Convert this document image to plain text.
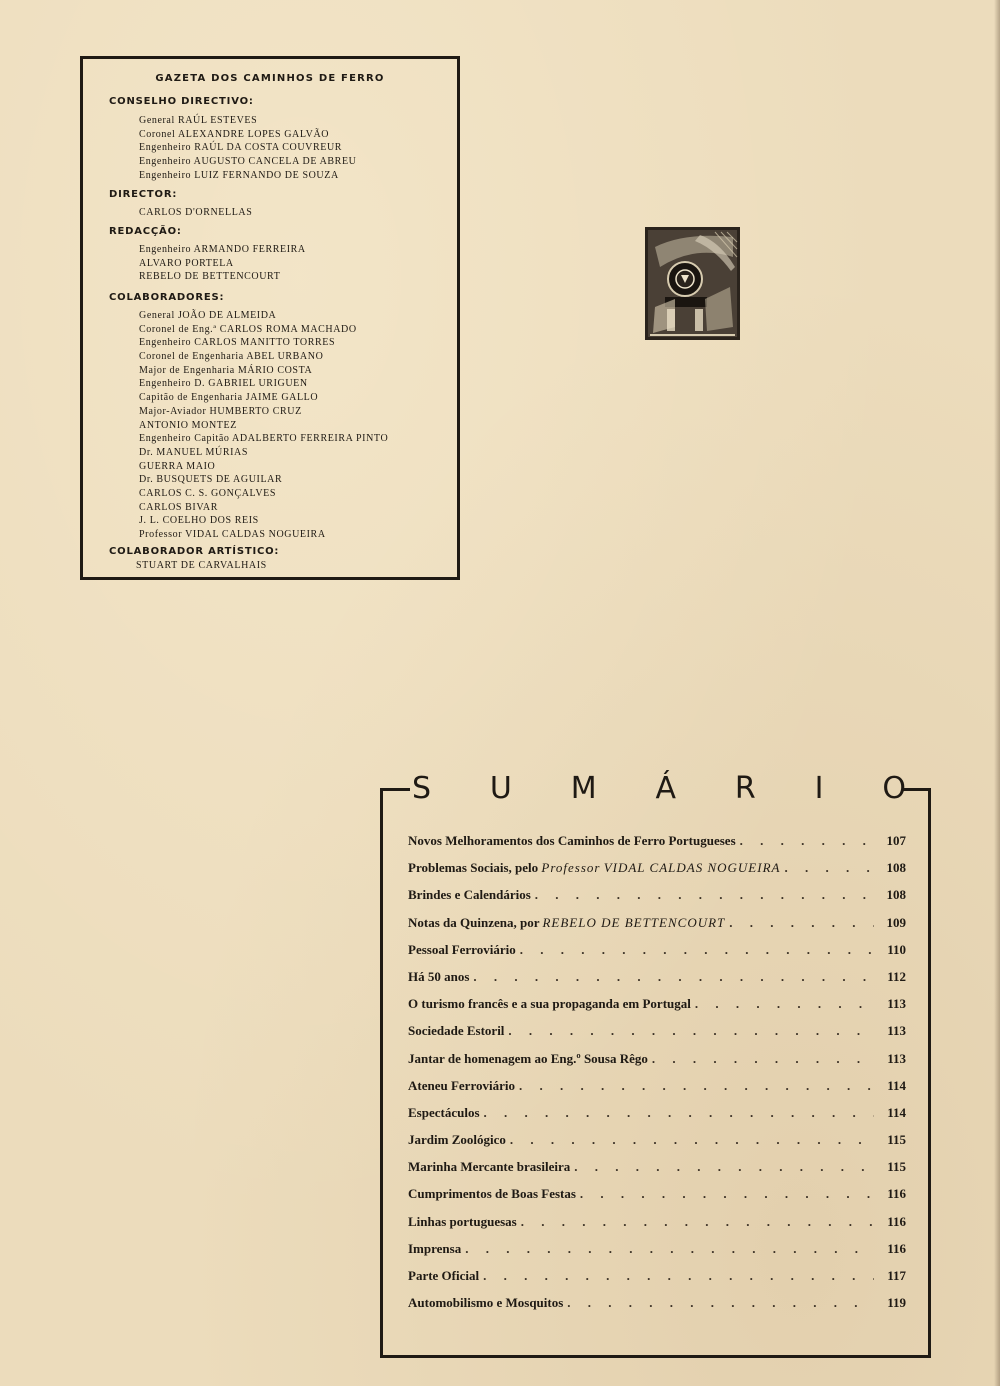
GAZETA DOS CAMINHOS DE FERRO
CONSELHO DIRECTIVO:
General RAÚL ESTEVES
Coronel ALEXANDRE LOPES GALVÃO
Engenheiro RAÚL DA COSTA COUVREUR
Engenheiro AUGUSTO CANCELA DE ABREU
Engenheiro LUIZ FERNANDO DE SOUZA
DIRECTOR:
CARLOS D'ORNELLAS
REDACÇÃO:
Engenheiro ARMANDO FERREIRA
ALVARO PORTELA
REBELO DE BETTENCOURT
COLABORADORES:
General JOÃO DE ALMEIDA
Coronel de Eng.ª CARLOS ROMA MACHADO
Engenheiro CARLOS MANITTO TORRES
Coronel de Engenharia ABEL URBANO
Major de Engenharia MÁRIO COSTA
Engenheiro D. GABRIEL URIGUEN
Capitão de Engenharia JAIME GALLO
Major-Aviador HUMBERTO CRUZ
ANTONIO MONTEZ
Engenheiro Capitão ADALBERTO FERREIRA PINTO
Dr. MANUEL MÚRIAS
GUERRA MAIO
Dr. BUSQUETS DE AGUILAR
CARLOS C. S. GONÇALVES
CARLOS BIVAR
J. L. COELHO DOS REIS
Professor VIDAL CALDAS NOGUEIRA
COLABORADOR ARTÍSTICO:
STUART DE CARVALHAIS
S U M Á R I O
Novos Melhoramentos dos Caminhos de Ferro Portugueses . . .	107
Problemas Sociais, pelo Professor VIDAL CALDAS NOGUEIRA . . .	108
Brindes e Calendários . . .	108
Notas da Quinzena, por REBELO DE BETTENCOURT . . .	109
Pessoal Ferroviário . . .	110
Há 50 anos . . .	112
O turismo francês e a sua propaganda em Portugal . . .	113
Sociedade Estoril . . .	113
Jantar de homenagem ao Eng.º Sousa Rêgo . . .	113
Ateneu Ferroviário . . .	114
Espectáculos . . .	114
Jardim Zoológico . . .	115
Marinha Mercante brasileira . . .	115
Cumprimentos de Boas Festas . . .	116
Linhas portuguesas . . .	116
Imprensa . . .	116
Parte Oficial . . .	117
Automobilismo e Mosquitos . . .	119
